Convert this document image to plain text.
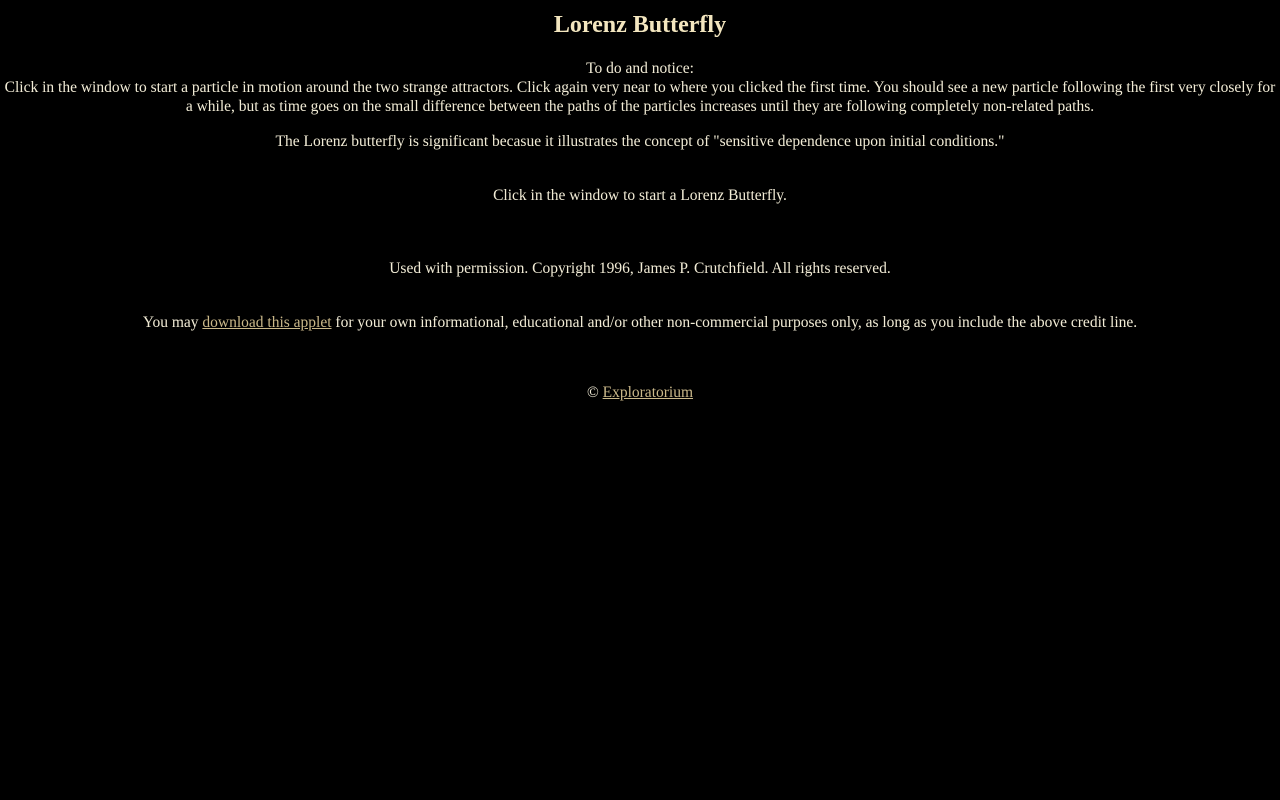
Lorenz Butterfly
To do and notice:
Click in the window to start a particle in motion around the two strange attractors. Click again very near to where you clicked the first time. You should see a new particle following the first very closely for a while, but as time goes on the small difference between the paths of the particles increases until they are following completely non-related paths.
The Lorenz butterfly is significant becasue it illustrates the concept of "sensitive dependence upon initial conditions."
Click in the window to start a Lorenz Butterfly.
Used with permission. Copyright 1996, James P. Crutchfield. All rights reserved.
You may download this applet for your own informational, educational and/or other non-commercial purposes only, as long as you include the above credit line.
© Exploratorium
